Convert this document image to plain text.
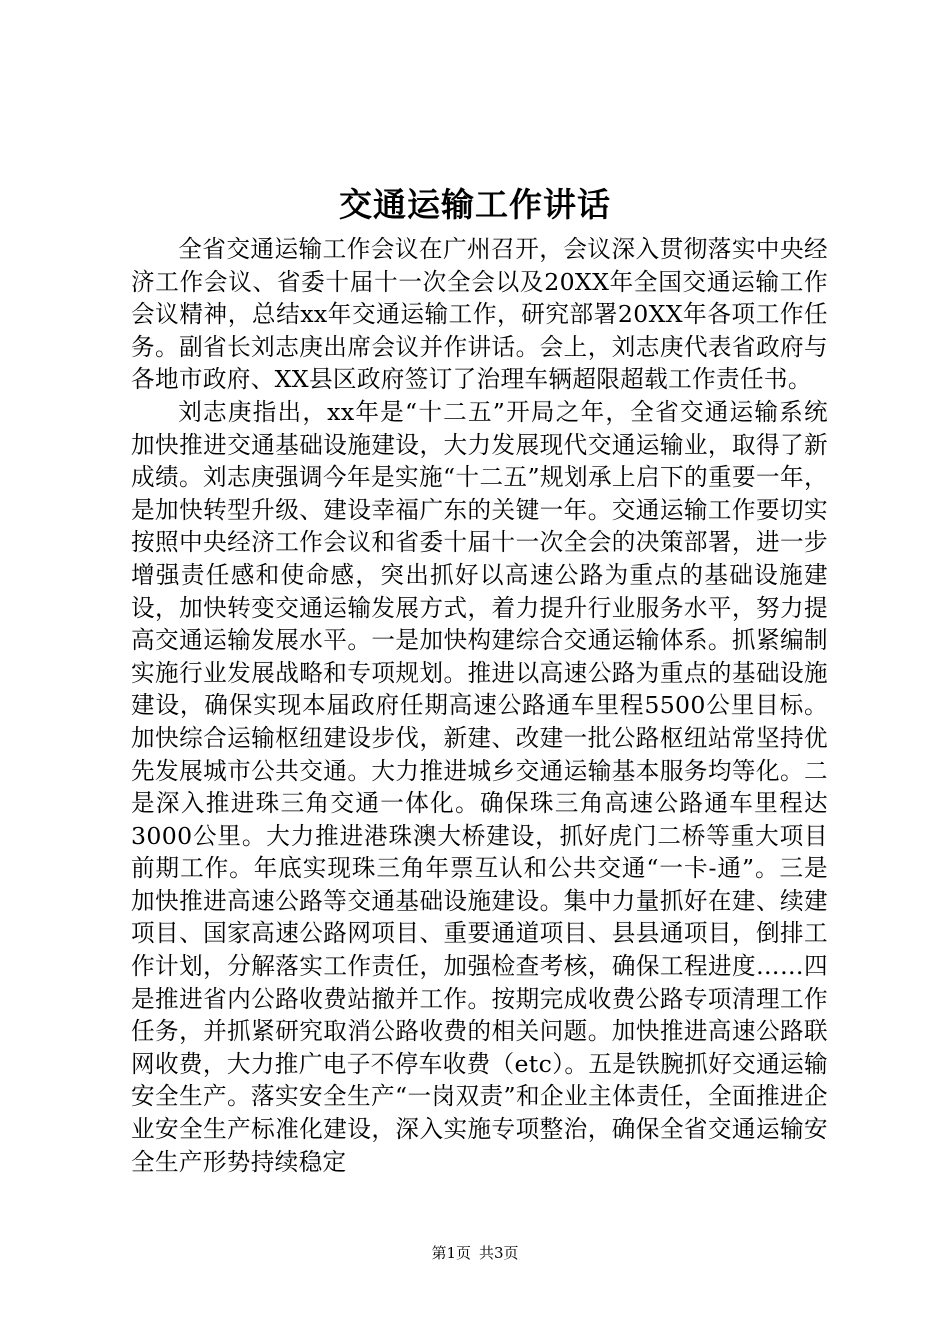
交通运输工作讲话

全省交通运输工作会议在广州召开，会议深入贯彻落实中央经济工作会议、省委十届十一次全会以及20XX年全国交通运输工作会议精神，总结xx年交通运输工作，研究部署20XX年各项工作任务。副省长刘志庚出席会议并作讲话。会上，刘志庚代表省政府与各地市政府、XX县区政府签订了治理车辆超限超载工作责任书。

刘志庚指出，xx年是“十二五”开局之年，全省交通运输系统加快推进交通基础设施建设，大力发展现代交通运输业，取得了新成绩。刘志庚强调今年是实施“十二五”规划承上启下的重要一年，是加快转型升级、建设幸福广东的关键一年。交通运输工作要切实按照中央经济工作会议和省委十届十一次全会的决策部署，进一步增强责任感和使命感，突出抓好以高速公路为重点的基础设施建设，加快转变交通运输发展方式，着力提升行业服务水平，努力提高交通运输发展水平。一是加快构建综合交通运输体系。抓紧编制实施行业发展战略和专项规划。推进以高速公路为重点的基础设施建设，确保实现本届政府任期高速公路通车里程5500公里目标。加快综合运输枢纽建设步伐，新建、改建一批公路枢纽站常坚持优先发展城市公共交通。大力推进城乡交通运输基本服务均等化。二是深入推进珠三角交通一体化。确保珠三角高速公路通车里程达3000公里。大力推进港珠澳大桥建设，抓好虎门二桥等重大项目前期工作。年底实现珠三角年票互认和公共交通“一卡-通”。三是加快推进高速公路等交通基础设施建设。集中力量抓好在建、续建项目、国家高速公路网项目、重要通道项目、县县通项目，倒排工作计划，分解落实工作责任，加强检查考核，确保工程进度……四是推进省内公路收费站撤并工作。按期完成收费公路专项清理工作任务，并抓紧研究取消公路收费的相关问题。加快推进高速公路联网收费，大力推广电子不停车收费（etc）。五是铁腕抓好交通运输安全生产。落实安全生产“一岗双责”和企业主体责任，全面推进企业安全生产标准化建设，深入实施专项整治，确保全省交通运输安全生产形势持续稳定

第1页 共3页
